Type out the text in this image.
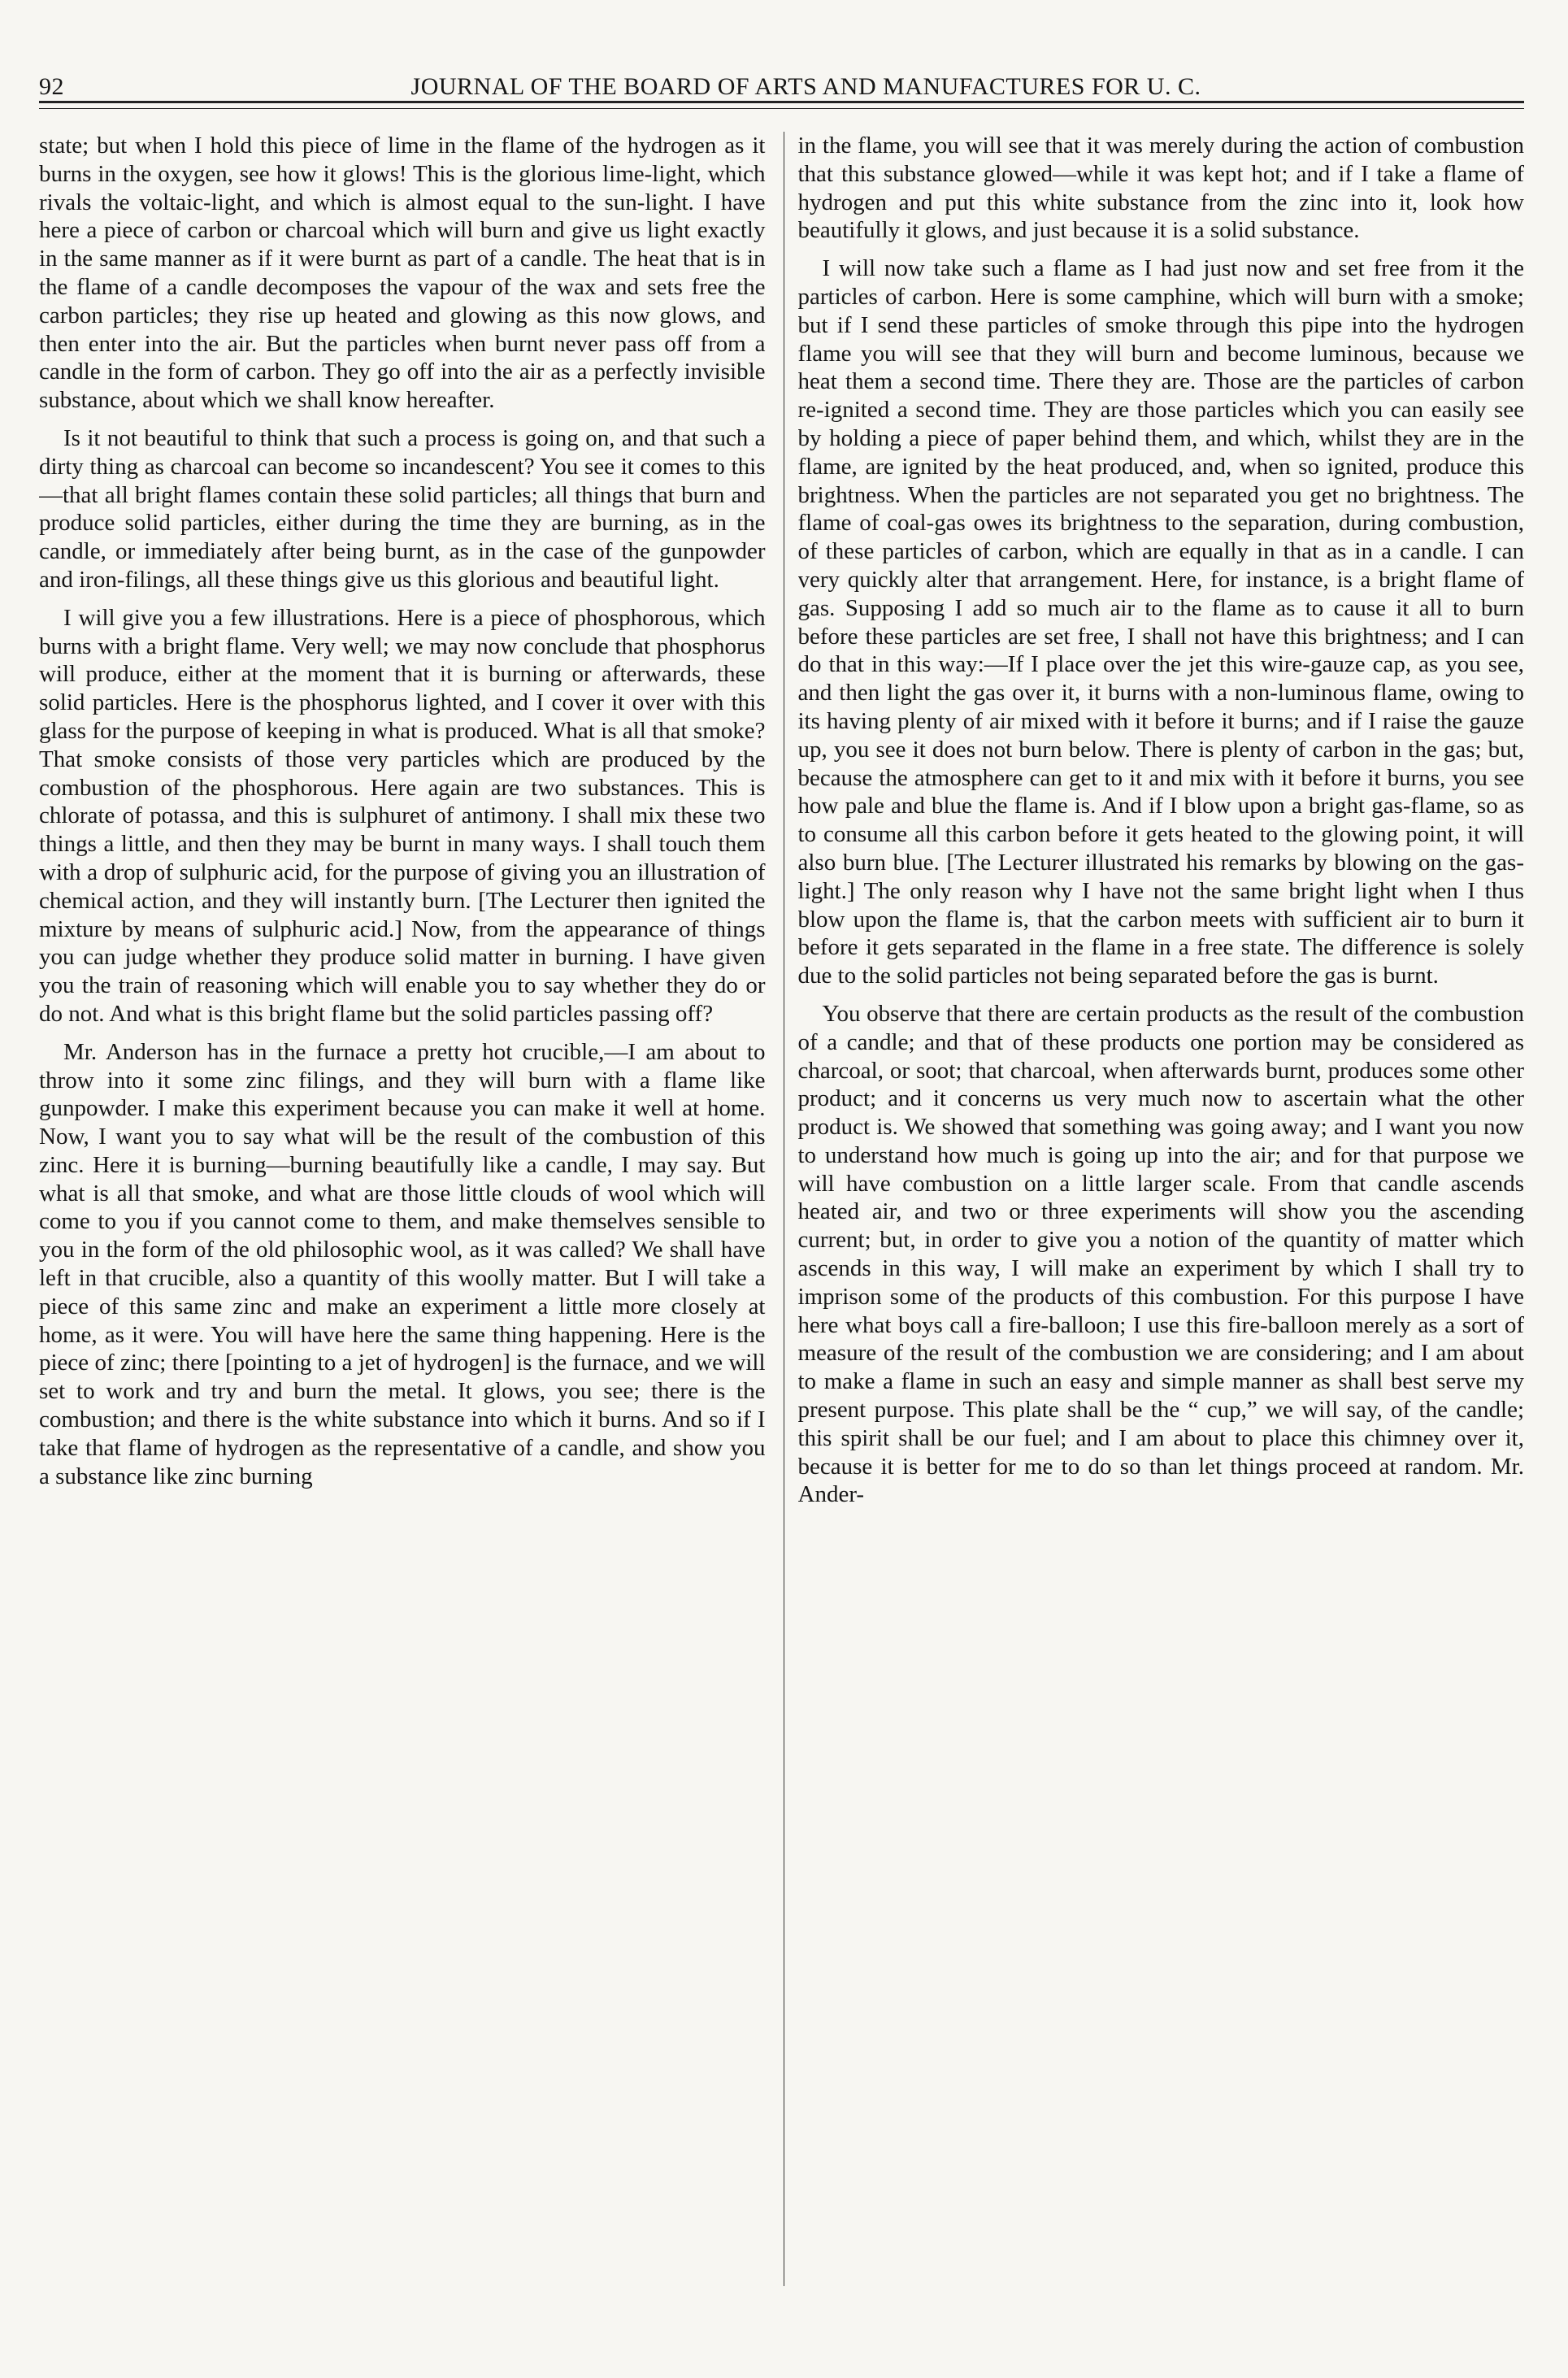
92	JOURNAL OF THE BOARD OF ARTS AND MANUFACTURES FOR U. C.

state; but when I hold this piece of lime in the flame of the hydrogen as it burns in the oxygen, see how it glows! This is the glorious lime-light, which rivals the voltaic-light, and which is almost equal to the sun-light. I have here a piece of carbon or charcoal which will burn and give us light exactly in the same manner as if it were burnt as part of a candle. The heat that is in the flame of a candle decomposes the vapour of the wax and sets free the carbon particles; they rise up heated and glowing as this now glows, and then enter into the air. But the particles when burnt never pass off from a candle in the form of carbon. They go off into the air as a perfectly invisible substance, about which we shall know hereafter.

Is it not beautiful to think that such a process is going on, and that such a dirty thing as charcoal can become so incandescent? You see it comes to this—that all bright flames contain these solid particles; all things that burn and produce solid particles, either during the time they are burning, as in the candle, or immediately after being burnt, as in the case of the gunpowder and iron-filings, all these things give us this glorious and beautiful light.

I will give you a few illustrations. Here is a piece of phosphorous, which burns with a bright flame. Very well; we may now conclude that phosphorus will produce, either at the moment that it is burning or afterwards, these solid particles. Here is the phosphorus lighted, and I cover it over with this glass for the purpose of keeping in what is produced. What is all that smoke? That smoke consists of those very particles which are produced by the combustion of the phosphorous. Here again are two substances. This is chlorate of potassa, and this is sulphuret of antimony. I shall mix these two things a little, and then they may be burnt in many ways. I shall touch them with a drop of sulphuric acid, for the purpose of giving you an illustration of chemical action, and they will instantly burn. [The Lecturer then ignited the mixture by means of sulphuric acid.] Now, from the appearance of things you can judge whether they produce solid matter in burning. I have given you the train of reasoning which will enable you to say whether they do or do not. And what is this bright flame but the solid particles passing off?

Mr. Anderson has in the furnace a pretty hot crucible,—I am about to throw into it some zinc filings, and they will burn with a flame like gunpowder. I make this experiment because you can make it well at home. Now, I want you to say what will be the result of the combustion of this zinc. Here it is burning—burning beautifully like a candle, I may say. But what is all that smoke, and what are those little clouds of wool which will come to you if you cannot come to them, and make themselves sensible to you in the form of the old philosophic wool, as it was called? We shall have left in that crucible, also a quantity of this woolly matter. But I will take a piece of this same zinc and make an experiment a little more closely at home, as it were. You will have here the same thing happening. Here is the piece of zinc; there [pointing to a jet of hydrogen] is the furnace, and we will set to work and try and burn the metal. It glows, you see; there is the combustion; and there is the white substance into which it burns. And so if I take that flame of hydrogen as the representative of a candle, and show you a substance like zinc burning

in the flame, you will see that it was merely during the action of combustion that this substance glowed—while it was kept hot; and if I take a flame of hydrogen and put this white substance from the zinc into it, look how beautifully it glows, and just because it is a solid substance.

I will now take such a flame as I had just now and set free from it the particles of carbon. Here is some camphine, which will burn with a smoke; but if I send these particles of smoke through this pipe into the hydrogen flame you will see that they will burn and become luminous, because we heat them a second time. There they are. Those are the particles of carbon re-ignited a second time. They are those particles which you can easily see by holding a piece of paper behind them, and which, whilst they are in the flame, are ignited by the heat produced, and, when so ignited, produce this brightness. When the particles are not separated you get no brightness. The flame of coal-gas owes its brightness to the separation, during combustion, of these particles of carbon, which are equally in that as in a candle. I can very quickly alter that arrangement. Here, for instance, is a bright flame of gas. Supposing I add so much air to the flame as to cause it all to burn before these particles are set free, I shall not have this brightness; and I can do that in this way:—If I place over the jet this wire-gauze cap, as you see, and then light the gas over it, it burns with a non-luminous flame, owing to its having plenty of air mixed with it before it burns; and if I raise the gauze up, you see it does not burn below. There is plenty of carbon in the gas; but, because the atmosphere can get to it and mix with it before it burns, you see how pale and blue the flame is. And if I blow upon a bright gas-flame, so as to consume all this carbon before it gets heated to the glowing point, it will also burn blue. [The Lecturer illustrated his remarks by blowing on the gas-light.] The only reason why I have not the same bright light when I thus blow upon the flame is, that the carbon meets with sufficient air to burn it before it gets separated in the flame in a free state. The difference is solely due to the solid particles not being separated before the gas is burnt.

You observe that there are certain products as the result of the combustion of a candle; and that of these products one portion may be considered as charcoal, or soot; that charcoal, when afterwards burnt, produces some other product; and it concerns us very much now to ascertain what the other product is. We showed that something was going away; and I want you now to understand how much is going up into the air; and for that purpose we will have combustion on a little larger scale. From that candle ascends heated air, and two or three experiments will show you the ascending current; but, in order to give you a notion of the quantity of matter which ascends in this way, I will make an experiment by which I shall try to imprison some of the products of this combustion. For this purpose I have here what boys call a fire-balloon; I use this fire-balloon merely as a sort of measure of the result of the combustion we are considering; and I am about to make a flame in such an easy and simple manner as shall best serve my present purpose. This plate shall be the “ cup,” we will say, of the candle; this spirit shall be our fuel; and I am about to place this chimney over it, because it is better for me to do so than let things proceed at random. Mr. Ander-
